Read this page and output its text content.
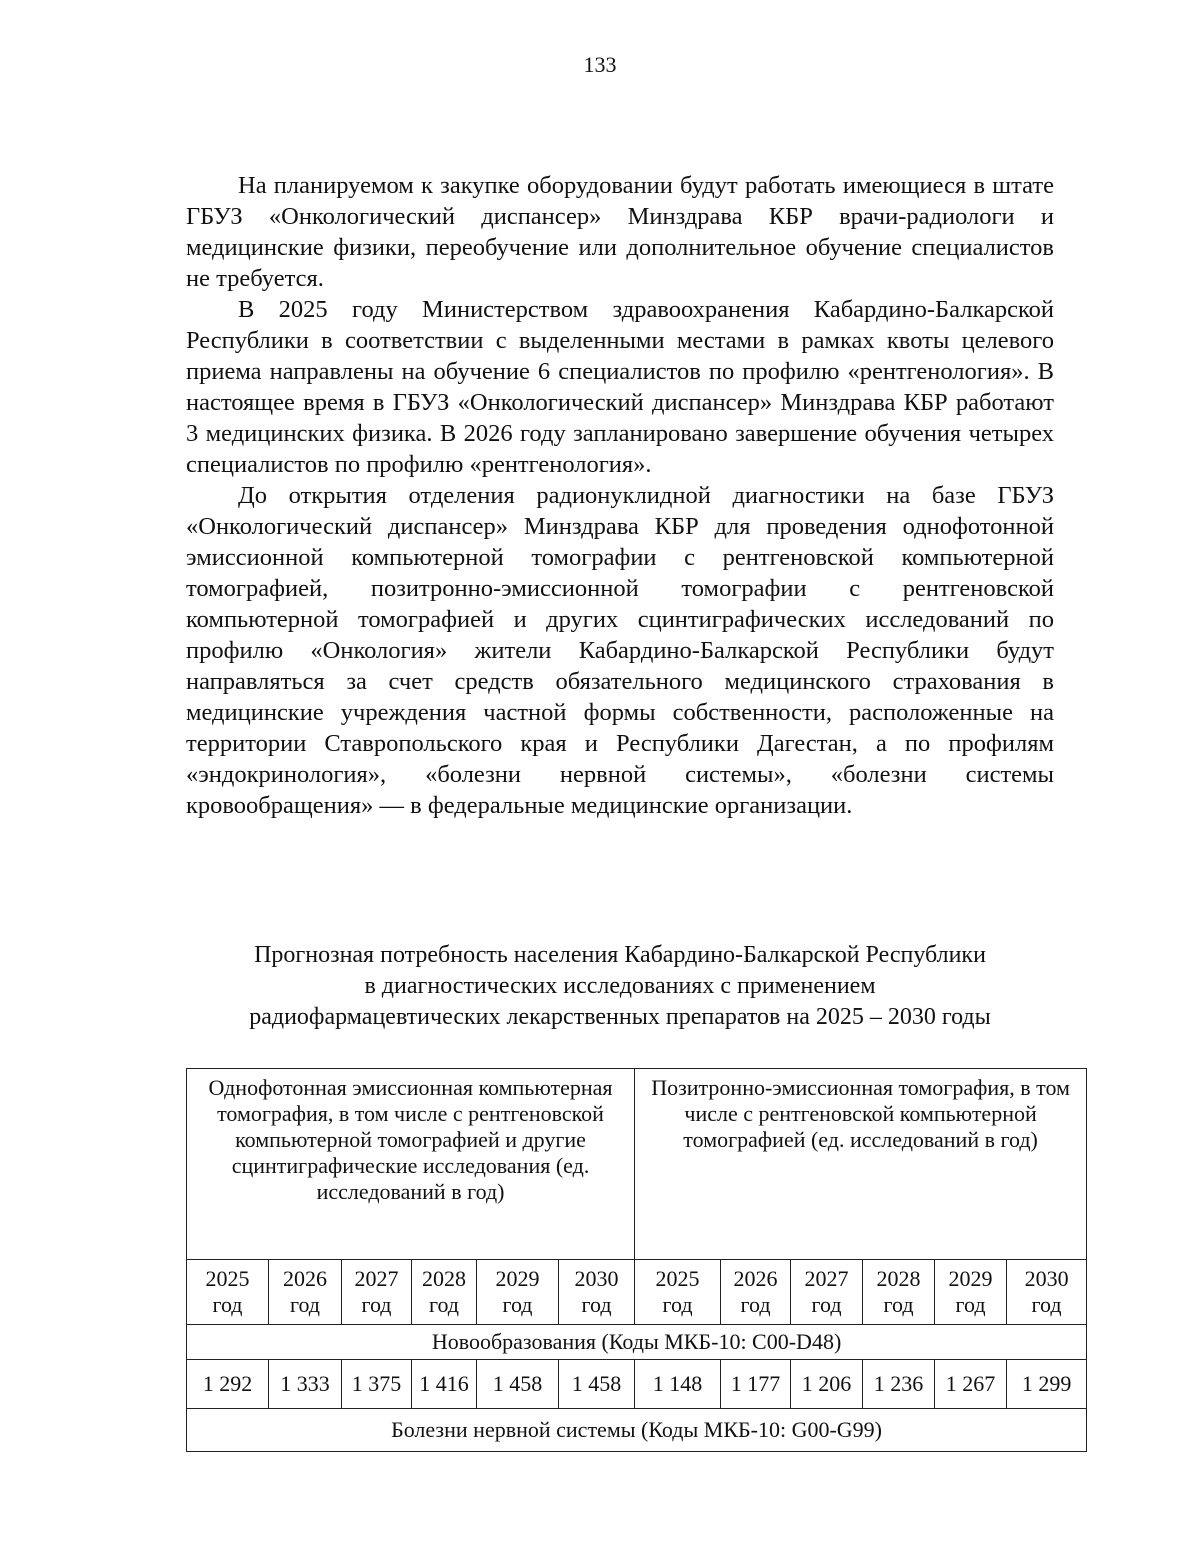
133

На планируемом к закупке оборудовании будут работать имеющиеся в штате ГБУЗ «Онкологический диспансер» Минздрава КБР врачи-радиологи и медицинские физики, переобучение или дополнительное обучение специалистов не требуется.

В 2025 году Министерством здравоохранения Кабардино-Балкарской Республики в соответствии с выделенными местами в рамках квоты целевого приема направлены на обучение 6 специалистов по профилю «рентгенология». В настоящее время в ГБУЗ «Онкологический диспансер» Минздрава КБР работают 3 медицинских физика. В 2026 году запланировано завершение обучения четырех специалистов по профилю «рентгенология».

До открытия отделения радионуклидной диагностики на базе ГБУЗ «Онкологический диспансер» Минздрава КБР для проведения однофотонной эмиссионной компьютерной томографии с рентгеновской компьютерной томографией, позитронно-эмиссионной томографии с рентгеновской компьютерной томографией и других сцинтиграфических исследований по профилю «Онкология» жители Кабардино-Балкарской Республики будут направляться за счет средств обязательного медицинского страхования в медицинские учреждения частной формы собственности, расположенные на территории Ставропольского края и Республики Дагестан, а по профилям «эндокринология», «болезни нервной системы», «болезни системы кровообращения» — в федеральные медицинские организации.

Прогнозная потребность населения Кабардино-Балкарской Республики
в диагностических исследованиях с применением
радиофармацевтических лекарственных препаратов на 2025 – 2030 годы
Однофотонная эмиссионная компьютерная томография, в том числе с рентгеновской компьютерной томографией и другие сцинтиграфические исследования (ед. исследований в год)						Позитронно-эмиссионная томография, в том числе с рентгеновской компьютерной томографией (ед. исследований в год)					

2025
год	2026
год	2027
год	2028
год	2029
год	2030
год	2025
год	2026
год	2027
год	2028
год	2029
год	2030
год

Новообразования (Коды МКБ-10: C00-D48)											
1 292	1 333	1 375	1 416	1 458	1 458	1 148	1 177	1 206	1 236	1 267	1 299
Болезни нервной системы (Коды МКБ-10: G00-G99)											
